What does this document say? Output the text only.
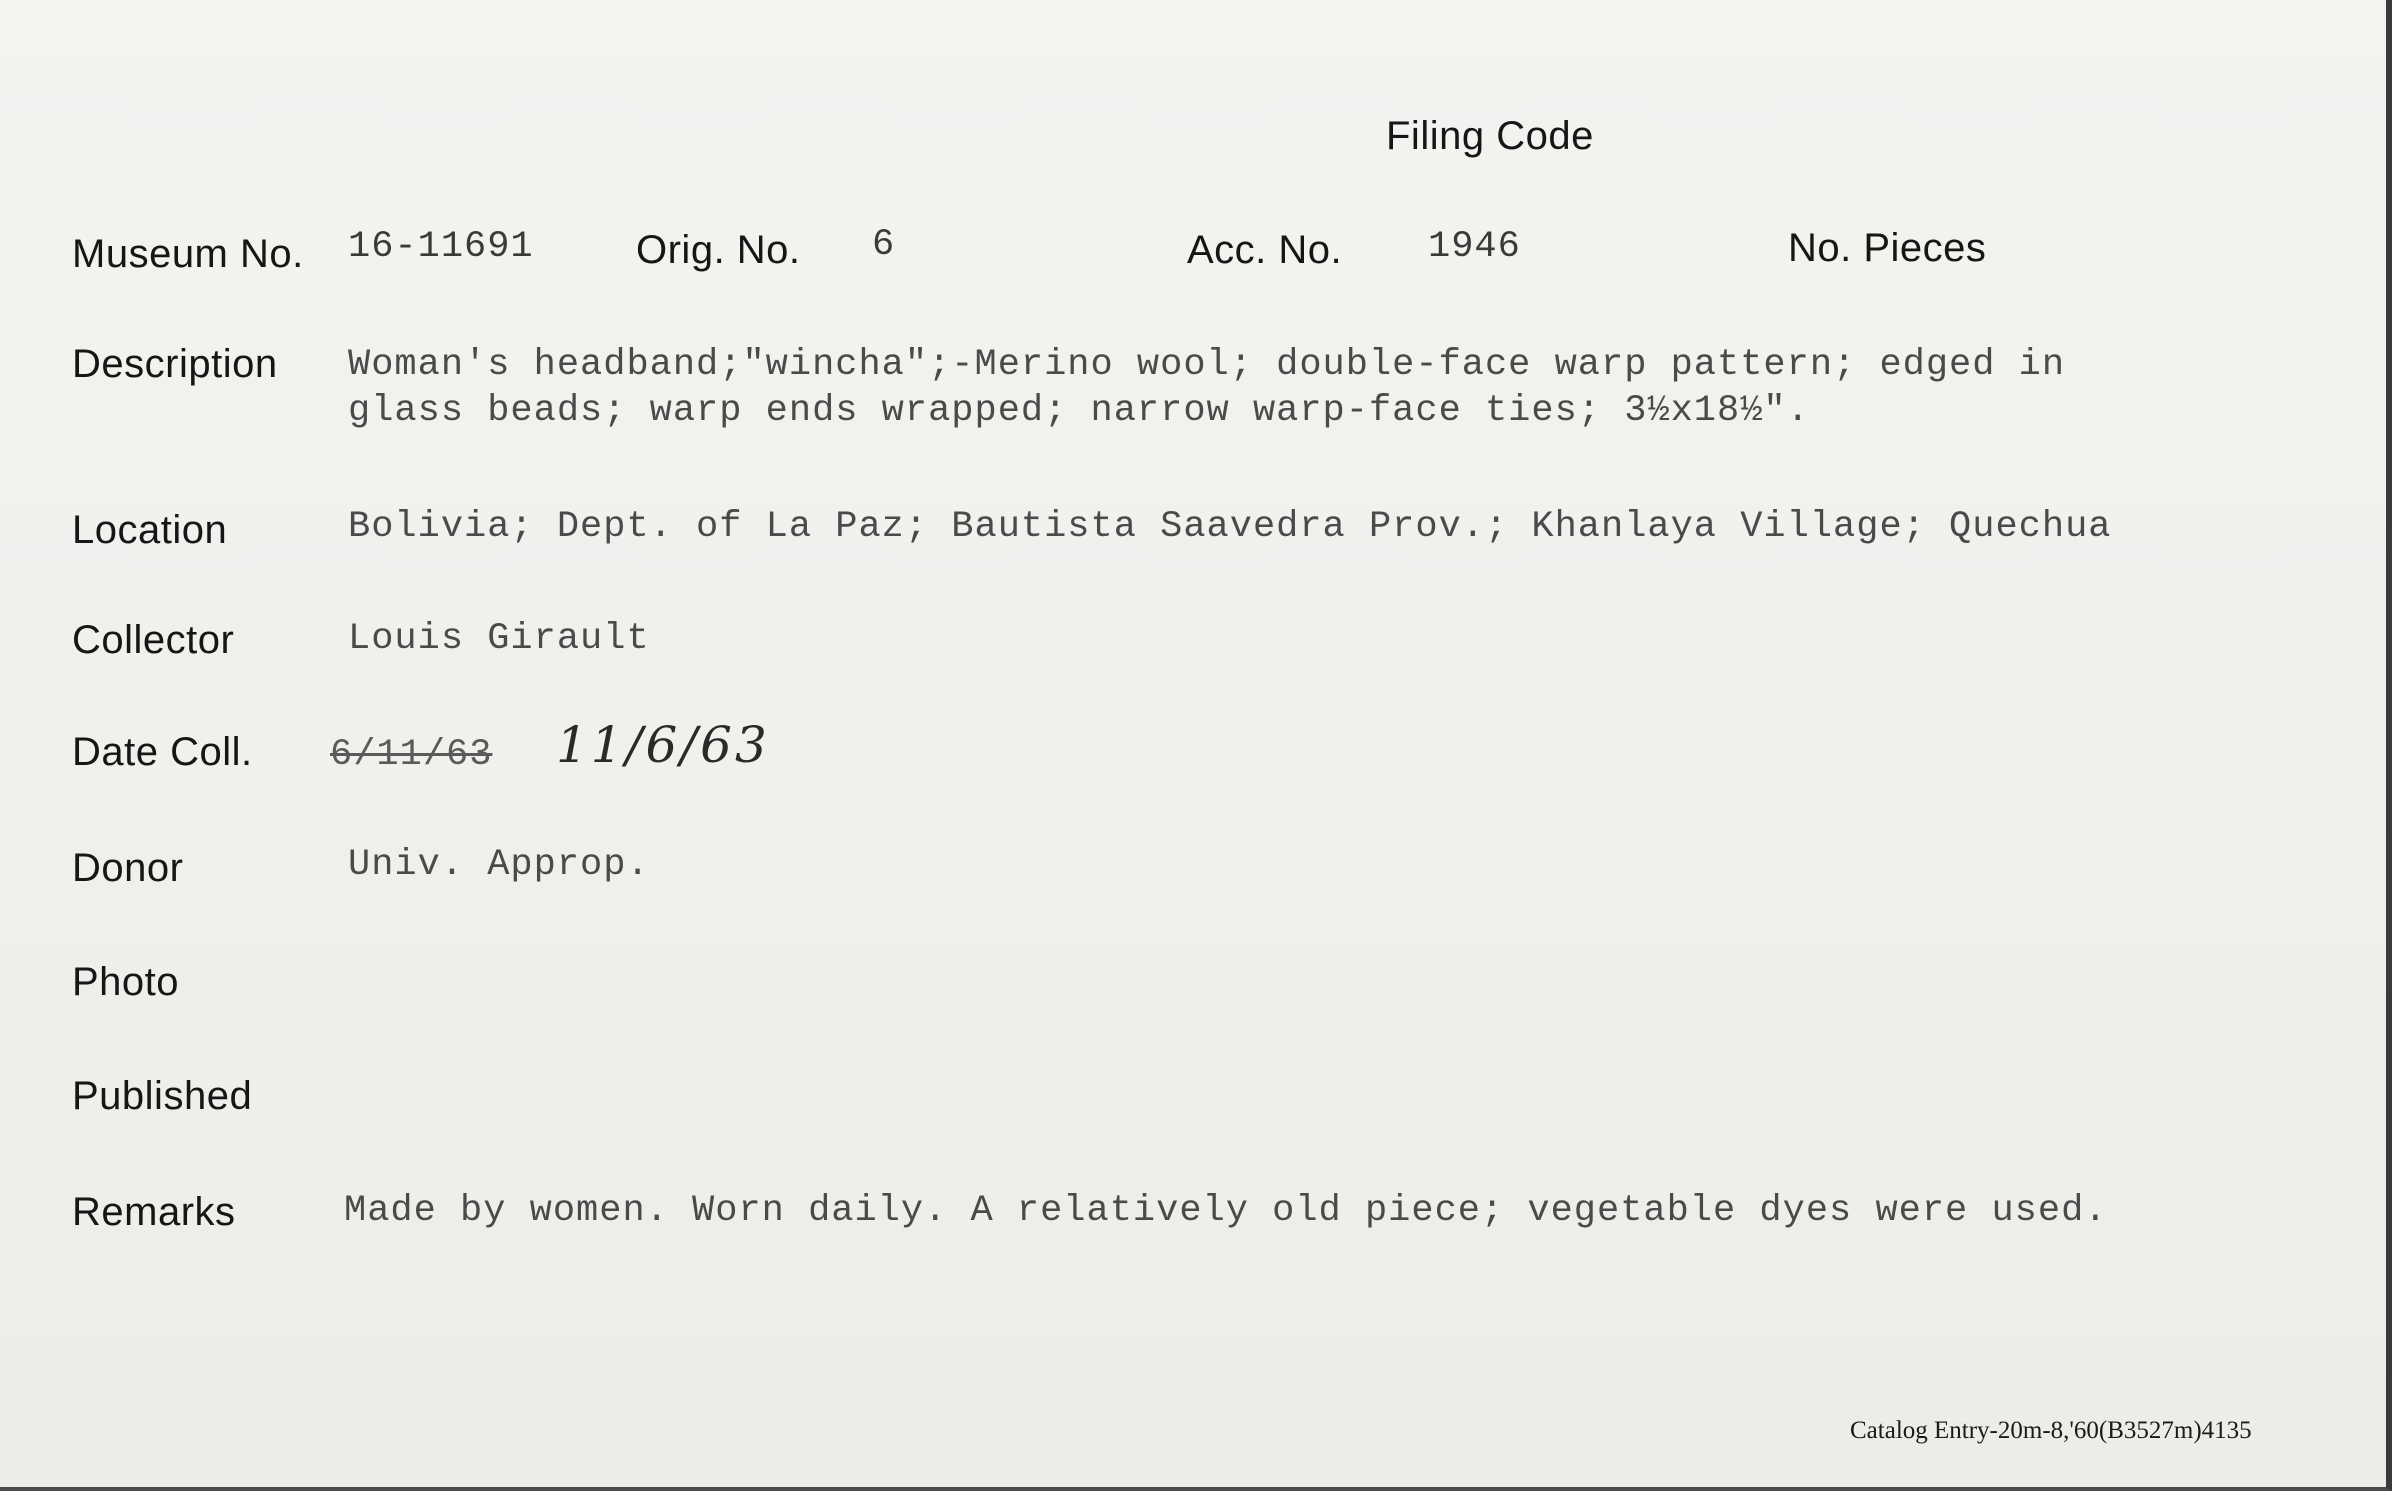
Filing Code
Museum No. 16-11691	Orig. No. 6	Acc. No. 1946	No. Pieces
Description Woman's headband;"wincha";-Merino wool; double-face warp pattern; edged in
glass beads; warp ends wrapped; narrow warp-face ties; 3½x18½".
Location	Bolivia; Dept. of La Paz; Bautista Saavedra Prov.; Khanlaya Village; Quechua
Collector	Louis Girault
Date Coll. 6/11/63 11/6/63
Donor	Univ. Approp.
Photo
Published
Remarks	Made by women. Worn daily. A relatively old piece; vegetable dyes were used.
Catalog Entry-20m-8,'60(B3527m)4135
